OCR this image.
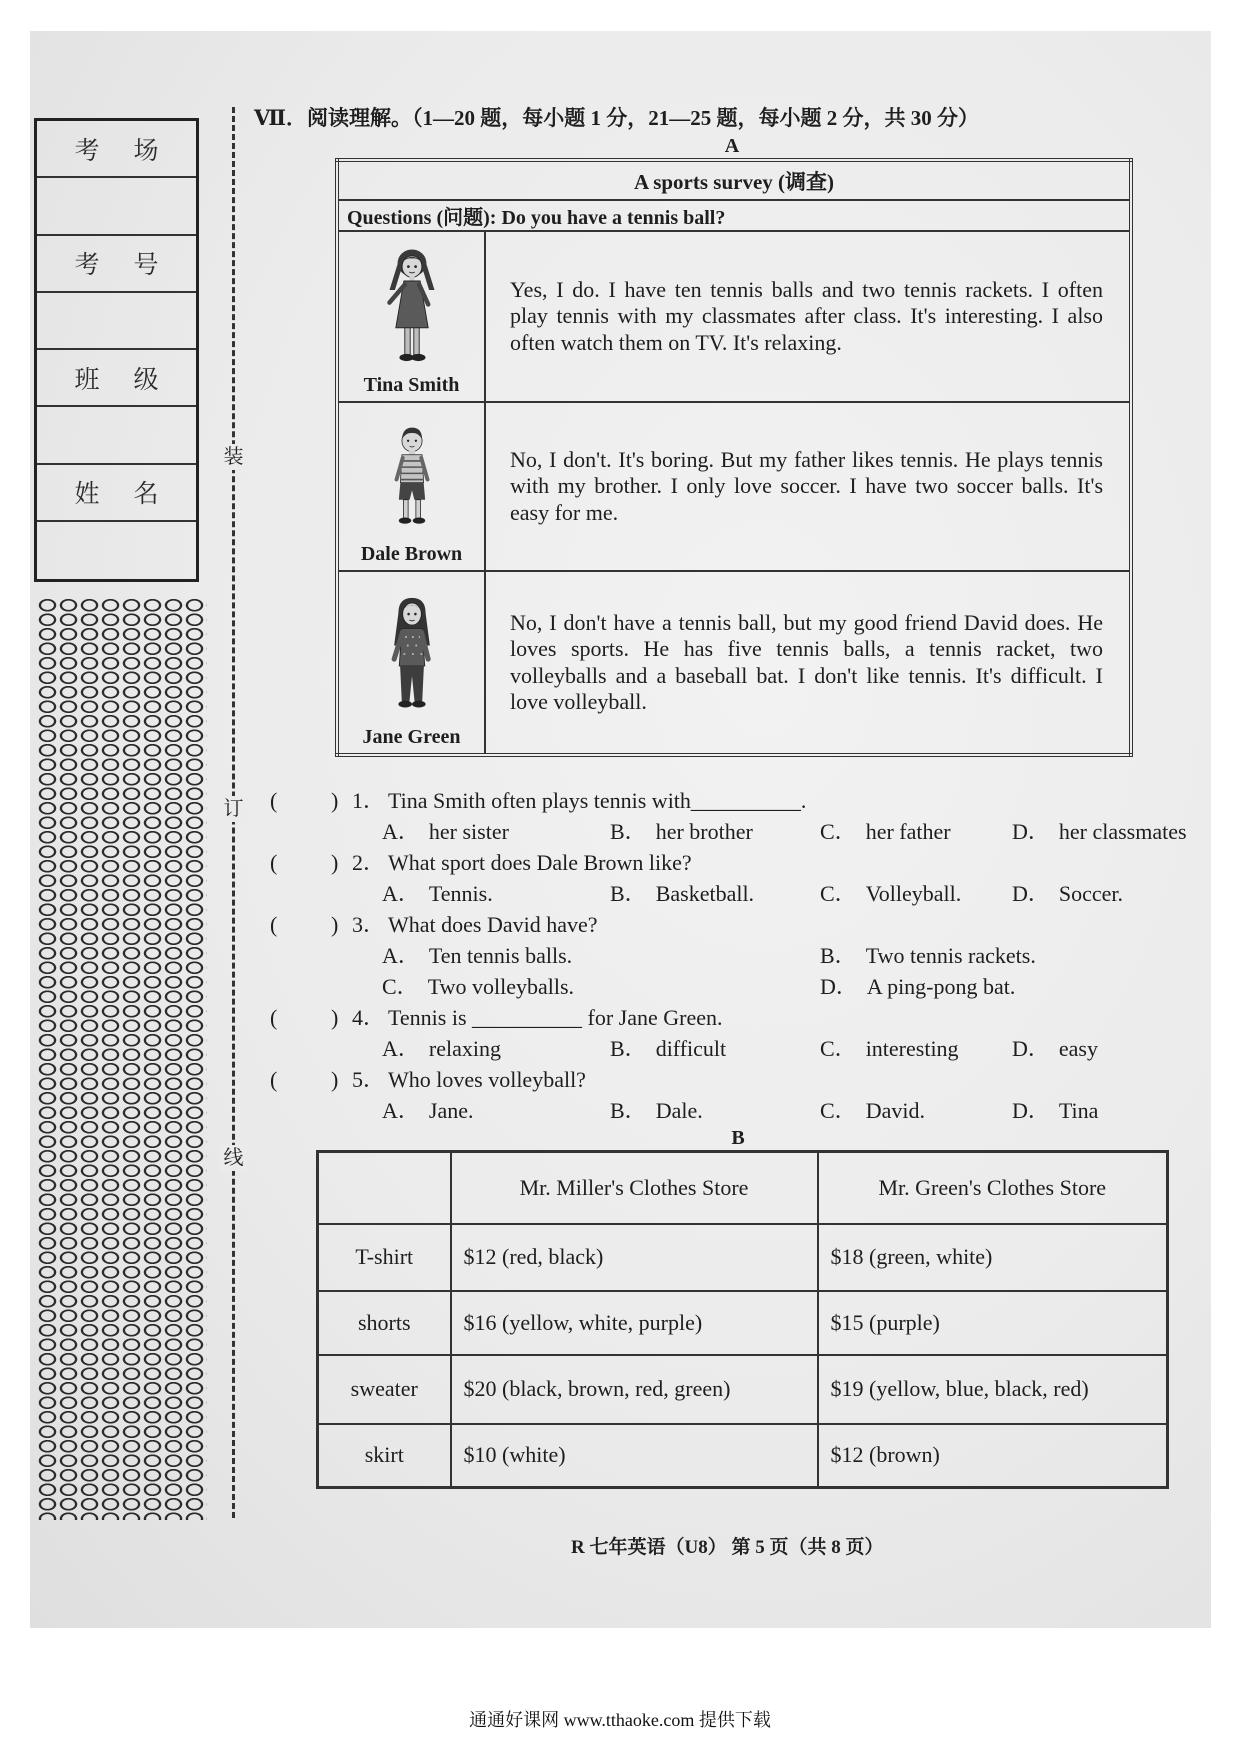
考场
考号
班级
姓名
装
订
线
Ⅶ．阅读理解。（1—20 题，每小题 1 分，21—25 题，每小题 2 分，共 30 分）
A
A sports survey (调查)	
Questions (问题): Do you have a tennis ball?	

Tina Smith	Yes, I do. I have ten tennis balls and two tennis rackets. I often play tennis with my classmates after class. It's interesting. I also often watch them on TV. It's relaxing.

Dale Brown	No, I don't. It's boring. But my father likes tennis. He plays tennis with my brother. I only love soccer. I have two soccer balls. It's easy for me.

Jane Green	No, I don't have a tennis ball, but my good friend David does. He loves sports. He has five tennis balls, a tennis racket, two volleyballs and a baseball bat. I don't like tennis. It's difficult. I love volleyball.
( ) 1． Tina Smith often plays tennis with__________.
A． her sister	B． her brother	C． her father	D． her classmates
( ) 2． What sport does Dale Brown like?
A． Tennis.	B． Basketball.	C． Volleyball. D． Soccer.
( ) 3． What does David have?
A． Ten tennis balls.	B． Two tennis rackets.
C． Two volleyballs.	D． A ping-pong bat.
( ) 4． Tennis is __________ for Jane Green.
A． relaxing	B． difficult	C． interesting D． easy
( ) 5． Who loves volleyball?
A． Jane.	B． Dale.	C． David.	D． Tina
B
	Mr. Miller's Clothes Store	Mr. Green's Clothes Store
T-shirt	$12 (red, black)	$18 (green, white)
shorts	$16 (yellow, white, purple)	$15 (purple)
sweater	$20 (black, brown, red, green)	$19 (yellow, blue, black, red)
skirt	$10 (white)	$12 (brown)
R 七年英语（U8） 第 5 页（共 8 页）
通通好课网 www.tthaoke.com 提供下载
